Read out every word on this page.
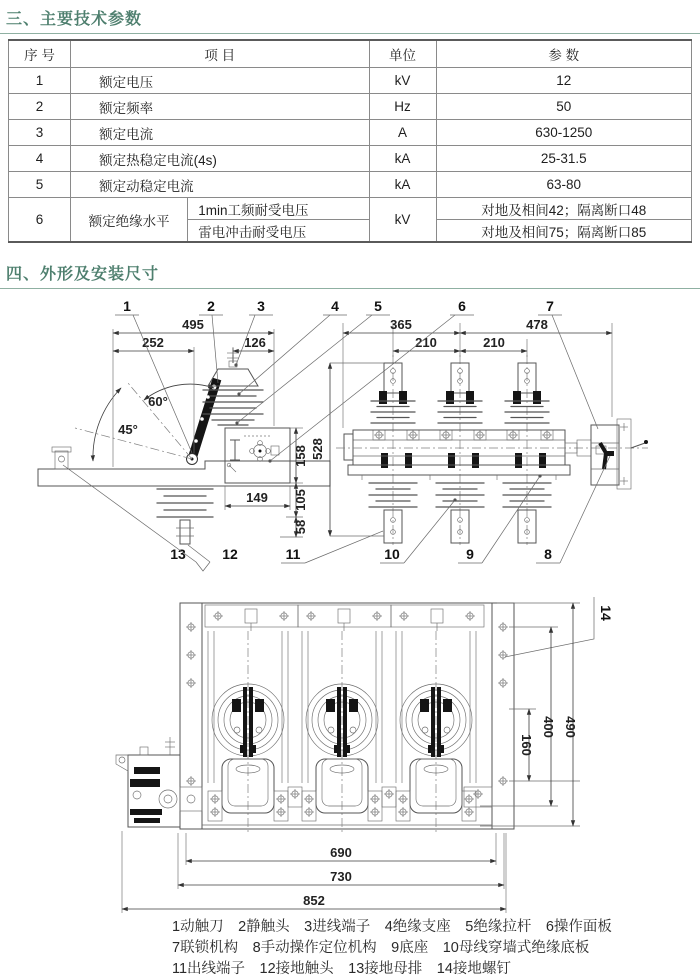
三、主要技术参数
序 号	项 目		单位	参 数
1	额定电压		kV	12
2	额定频率		Hz	50
3	额定电流		A	630-1250
4	额定热稳定电流(4s)		kA	25-31.5
5	额定动稳定电流		kA	63-80
6	额定绝缘水平	1min工频耐受电压	kV	对地及相间42；隔离断口48
		雷电冲击耐受电压		对地及相间75；隔离断口85
四、外形及安装尺寸
60°
45°
495
252	126
158
105
58
149
365	478
210	210
528
1	2	3	4	5	6	7
13	12	11	10	9	8
14
160
400 490
690
730
852
1动触刀　2静触头　3进线端子　4绝缘支座　5绝缘拉杆　6操作面板
7联锁机构　8手动操作定位机构　9底座　10母线穿墙式绝缘底板
11出线端子　12接地触头　13接地母排　14接地螺钉
